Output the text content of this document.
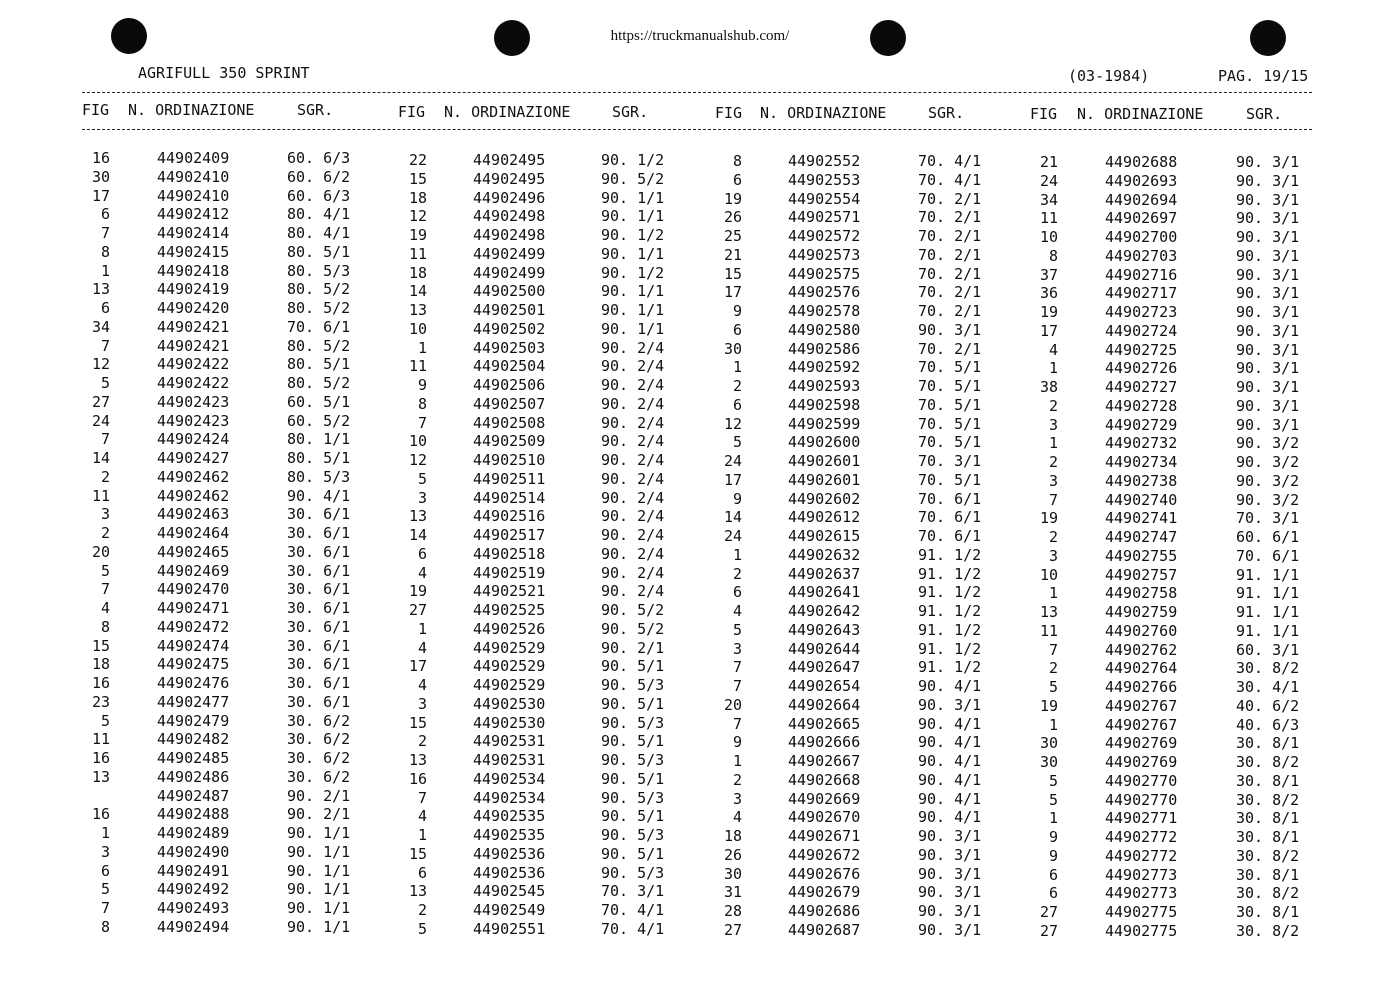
https://truckmanualshub.com/
AGRIFULL 350 SPRINT	(03-1984)	PAG. 19/15
FIG N. ORDINAZIONE	SGR.
16	44902409	60. 6/3
30	44902410	60. 6/2
17	44902410	60. 6/3
6	44902412	80. 4/1
7	44902414	80. 4/1
8	44902415	80. 5/1
1	44902418	80. 5/3
13	44902419	80. 5/2
6	44902420	80. 5/2
34	44902421	70. 6/1
7	44902421	80. 5/2
12	44902422	80. 5/1
5	44902422	80. 5/2
27	44902423	60. 5/1
24	44902423	60. 5/2
7	44902424	80. 1/1
14	44902427	80. 5/1
2	44902462	80. 5/3
11	44902462	90. 4/1
3	44902463	30. 6/1
2	44902464	30. 6/1
20	44902465	30. 6/1
5	44902469	30. 6/1
7	44902470	30. 6/1
4	44902471	30. 6/1
8	44902472	30. 6/1
15	44902474	30. 6/1
18	44902475	30. 6/1
16	44902476	30. 6/1
23	44902477	30. 6/1
5	44902479	30. 6/2
11	44902482	30. 6/2
16	44902485	30. 6/2
13	44902486	30. 6/2
44902487	90. 2/1
16	44902488	90. 2/1
1	44902489	90. 1/1
3	44902490	90. 1/1
6	44902491	90. 1/1
5	44902492	90. 1/1
7	44902493	90. 1/1
8	44902494	90. 1/1
FIG N. ORDINAZIONE	SGR.
22	44902495	90. 1/2
15	44902495	90. 5/2
18	44902496	90. 1/1
12	44902498	90. 1/1
19	44902498	90. 1/2
11	44902499	90. 1/1
18	44902499	90. 1/2
14	44902500	90. 1/1
13	44902501	90. 1/1
10	44902502	90. 1/1
1	44902503	90. 2/4
11	44902504	90. 2/4
9	44902506	90. 2/4
8	44902507	90. 2/4
7	44902508	90. 2/4
10	44902509	90. 2/4
12	44902510	90. 2/4
5	44902511	90. 2/4
3	44902514	90. 2/4
13	44902516	90. 2/4
14	44902517	90. 2/4
6	44902518	90. 2/4
4	44902519	90. 2/4
19	44902521	90. 2/4
27	44902525	90. 5/2
1	44902526	90. 5/2
4	44902529	90. 2/1
17	44902529	90. 5/1
4	44902529	90. 5/3
3	44902530	90. 5/1
15	44902530	90. 5/3
2	44902531	90. 5/1
13	44902531	90. 5/3
16	44902534	90. 5/1
7	44902534	90. 5/3
4	44902535	90. 5/1
1	44902535	90. 5/3
15	44902536	90. 5/1
6	44902536	90. 5/3
13	44902545	70. 3/1
2	44902549	70. 4/1
5	44902551	70. 4/1
FIG N. ORDINAZIONE	SGR.
8	44902552	70. 4/1
6	44902553	70. 4/1
19	44902554	70. 2/1
26	44902571	70. 2/1
25	44902572	70. 2/1
21	44902573	70. 2/1
15	44902575	70. 2/1
17	44902576	70. 2/1
9	44902578	70. 2/1
6	44902580	90. 3/1
30	44902586	70. 2/1
1	44902592	70. 5/1
2	44902593	70. 5/1
6	44902598	70. 5/1
12	44902599	70. 5/1
5	44902600	70. 5/1
24	44902601	70. 3/1
17	44902601	70. 5/1
9	44902602	70. 6/1
14	44902612	70. 6/1
24	44902615	70. 6/1
1	44902632	91. 1/2
2	44902637	91. 1/2
6	44902641	91. 1/2
4	44902642	91. 1/2
5	44902643	91. 1/2
3	44902644	91. 1/2
7	44902647	91. 1/2
7	44902654	90. 4/1
20	44902664	90. 3/1
7	44902665	90. 4/1
9	44902666	90. 4/1
1	44902667	90. 4/1
2	44902668	90. 4/1
3	44902669	90. 4/1
4	44902670	90. 4/1
18	44902671	90. 3/1
26	44902672	90. 3/1
30	44902676	90. 3/1
31	44902679	90. 3/1
28	44902686	90. 3/1
27	44902687	90. 3/1
FIG N. ORDINAZIONE	SGR.
21	44902688	90. 3/1
24	44902693	90. 3/1
34	44902694	90. 3/1
11	44902697	90. 3/1
10	44902700	90. 3/1
8	44902703	90. 3/1
37	44902716	90. 3/1
36	44902717	90. 3/1
19	44902723	90. 3/1
17	44902724	90. 3/1
4	44902725	90. 3/1
1	44902726	90. 3/1
38	44902727	90. 3/1
2	44902728	90. 3/1
3	44902729	90. 3/1
1	44902732	90. 3/2
2	44902734	90. 3/2
3	44902738	90. 3/2
7	44902740	90. 3/2
19	44902741	70. 3/1
2	44902747	60. 6/1
3	44902755	70. 6/1
10	44902757	91. 1/1
1	44902758	91. 1/1
13	44902759	91. 1/1
11	44902760	91. 1/1
7	44902762	60. 3/1
2	44902764	30. 8/2
5	44902766	30. 4/1
19	44902767	40. 6/2
1	44902767	40. 6/3
30	44902769	30. 8/1
30	44902769	30. 8/2
5	44902770	30. 8/1
5	44902770	30. 8/2
1	44902771	30. 8/1
9	44902772	30. 8/1
9	44902772	30. 8/2
6	44902773	30. 8/1
6	44902773	30. 8/2
27	44902775	30. 8/1
27	44902775	30. 8/2
